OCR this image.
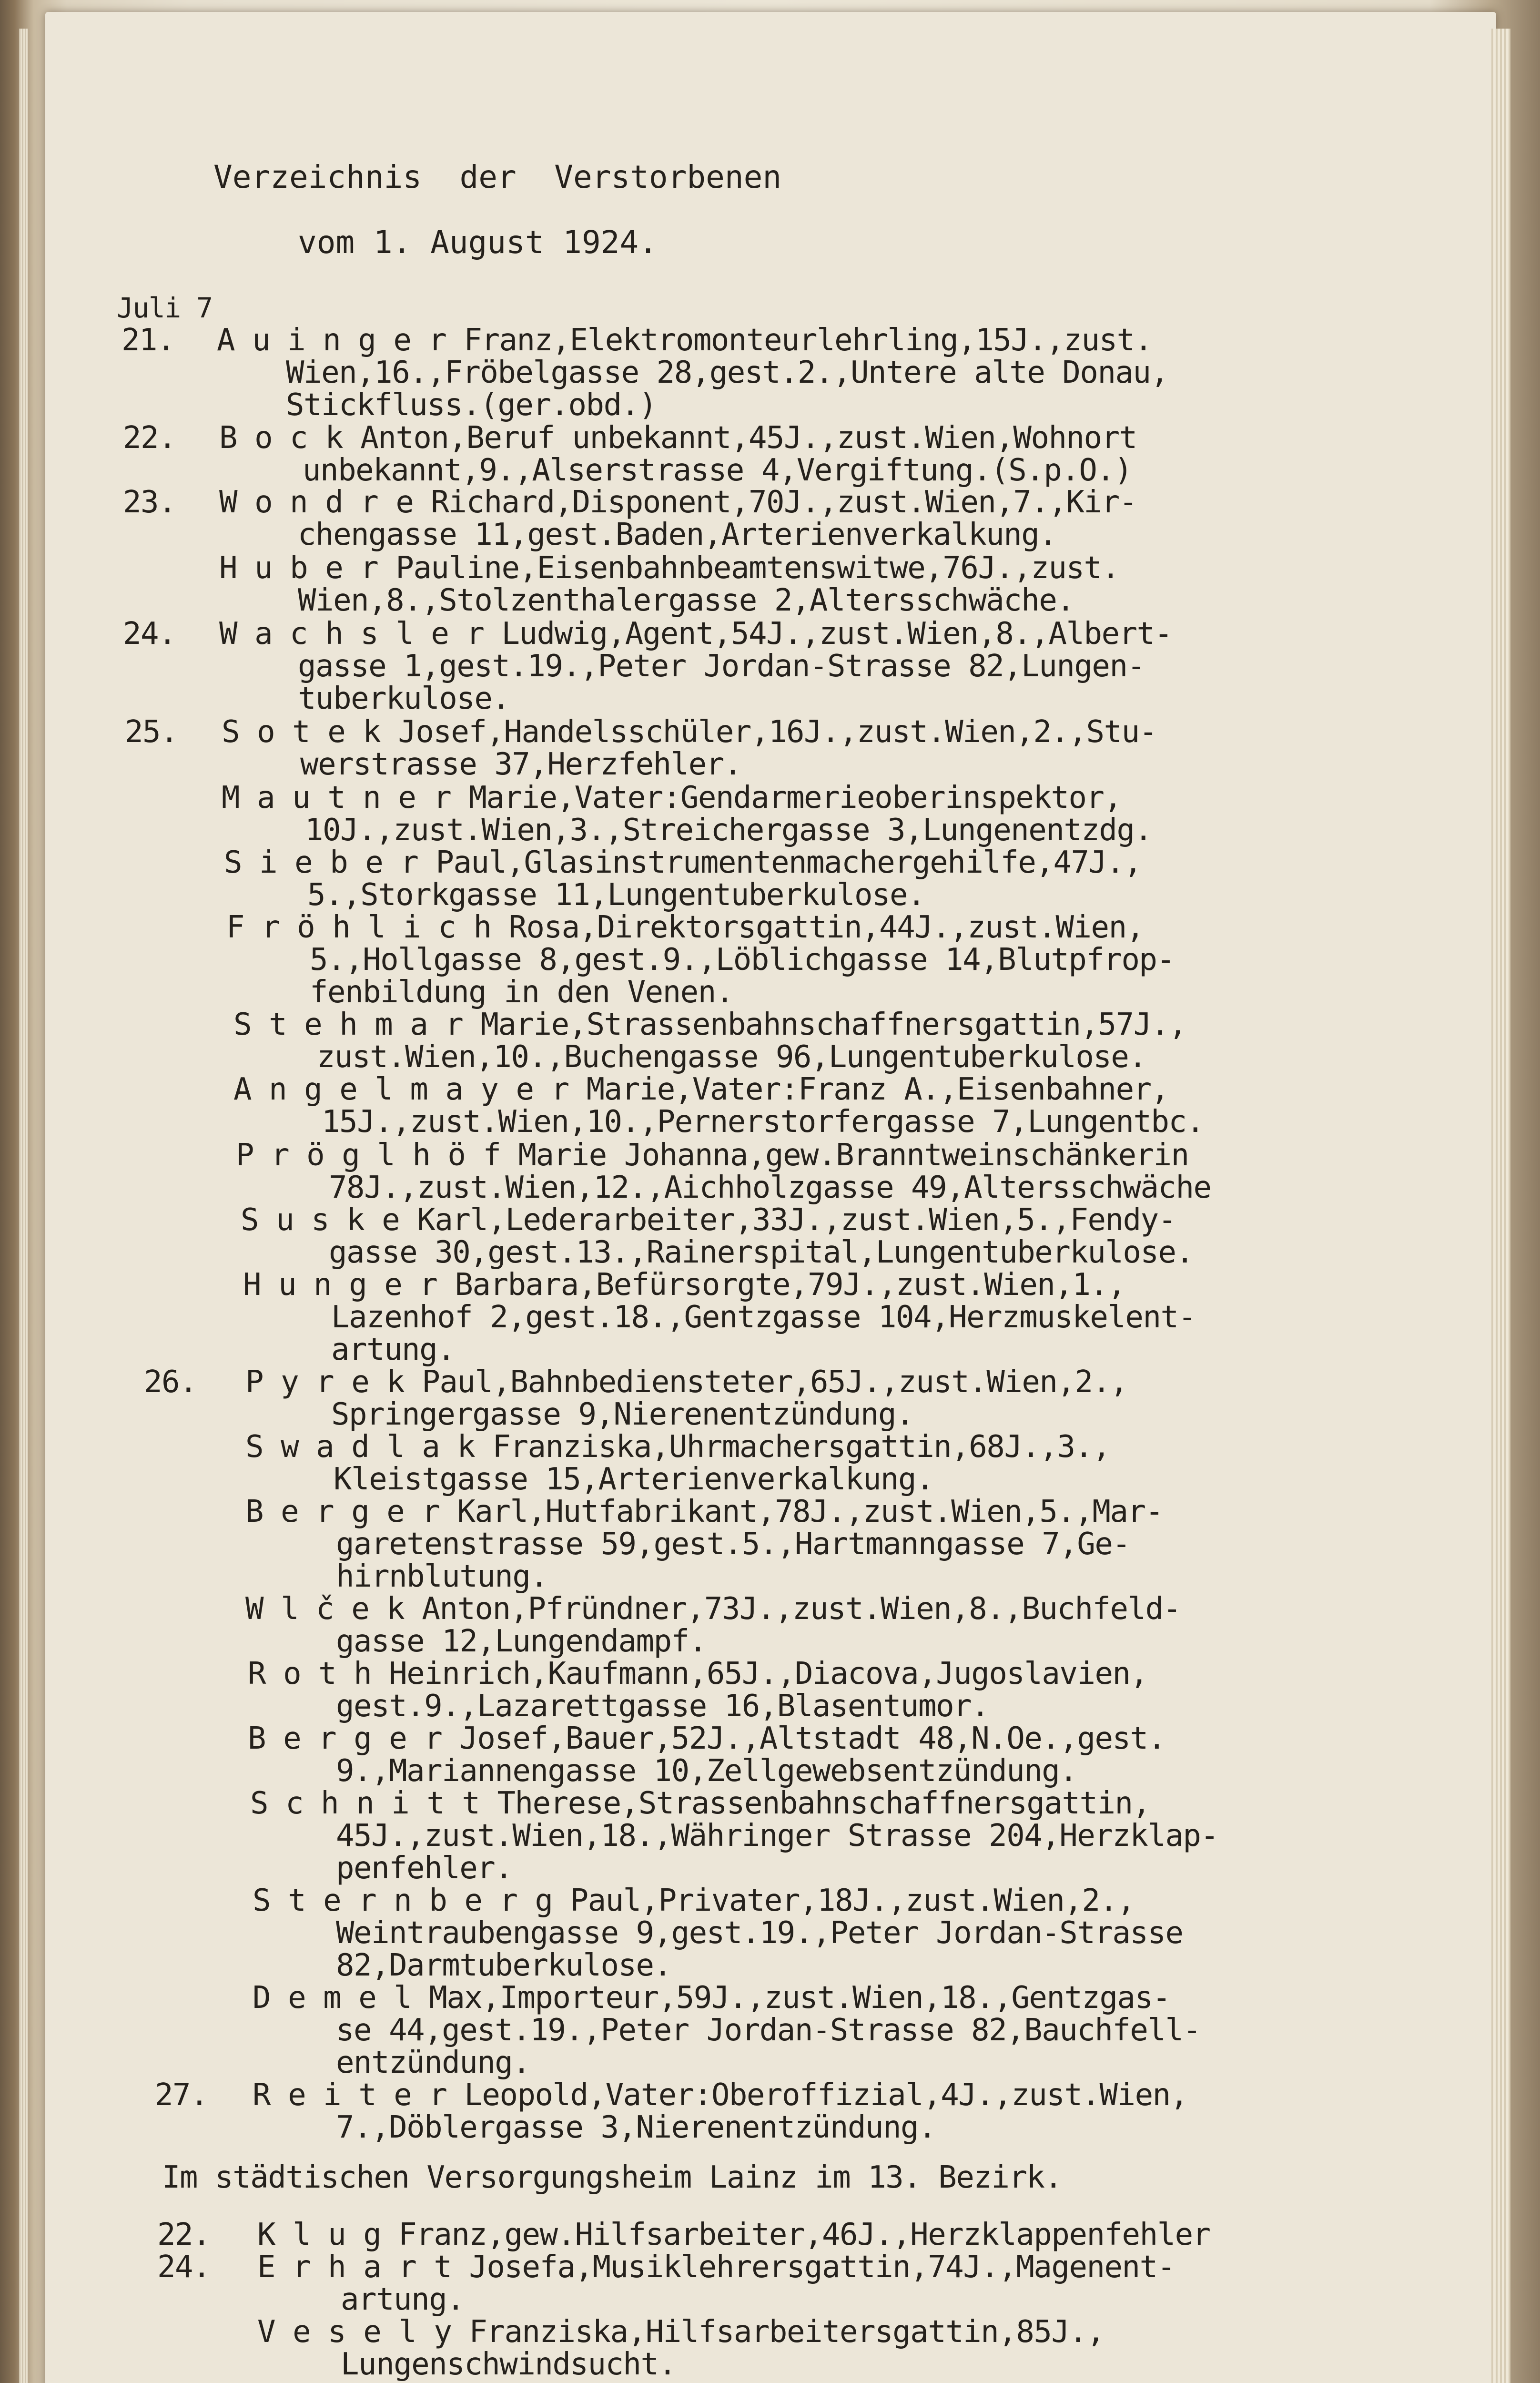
Verzeichnis  der  Verstorbenen
vom 1. August 1924.
Juli 7
21. A u i n g e r Franz,Elektromonteurlehrling,15J.,zust.
Wien,16.,Fröbelgasse 28,gest.2.,Untere alte Donau,
Stickfluss.(ger.obd.)
22. B o c k Anton,Beruf unbekannt,45J.,zust.Wien,Wohnort
unbekannt,9.,Alserstrasse 4,Vergiftung.(S.p.O.)
23. W o n d r e Richard,Disponent,70J.,zust.Wien,7.,Kir-
chengasse 11,gest.Baden,Arterienverkalkung.
H u b e r Pauline,Eisenbahnbeamtenswitwe,76J.,zust.
Wien,8.,Stolzenthalergasse 2,Altersschwäche.
24. W a c h s l e r Ludwig,Agent,54J.,zust.Wien,8.,Albert-
gasse 1,gest.19.,Peter Jordan-Strasse 82,Lungen-
tuberkulose.
25. S o t e k Josef,Handelsschüler,16J.,zust.Wien,2.,Stu-
werstrasse 37,Herzfehler.
M a u t n e r Marie,Vater:Gendarmerieoberinspektor,
10J.,zust.Wien,3.,Streichergasse 3,Lungenentzdg.
S i e b e r Paul,Glasinstrumentenmachergehilfe,47J.,
5.,Storkgasse 11,Lungentuberkulose.
F r ö h l i c h Rosa,Direktorsgattin,44J.,zust.Wien,
5.,Hollgasse 8,gest.9.,Löblichgasse 14,Blutpfrop-
fenbildung in den Venen.
S t e h m a r Marie,Strassenbahnschaffnersgattin,57J.,
zust.Wien,10.,Buchengasse 96,Lungentuberkulose.
A n g e l m a y e r Marie,Vater:Franz A.,Eisenbahner,
15J.,zust.Wien,10.,Pernerstorfergasse 7,Lungentbc.
P r ö g l h ö f Marie Johanna,gew.Branntweinschänkerin
78J.,zust.Wien,12.,Aichholzgasse 49,Altersschwäche
S u s k e Karl,Lederarbeiter,33J.,zust.Wien,5.,Fendy-
gasse 30,gest.13.,Rainerspital,Lungentuberkulose.
H u n g e r Barbara,Befürsorgte,79J.,zust.Wien,1.,
Lazenhof 2,gest.18.,Gentzgasse 104,Herzmuskelent-
artung.
26. P y r e k Paul,Bahnbediensteter,65J.,zust.Wien,2.,
Springergasse 9,Nierenentzündung.
S w a d l a k Franziska,Uhrmachersgattin,68J.,3.,
Kleistgasse 15,Arterienverkalkung.
B e r g e r Karl,Hutfabrikant,78J.,zust.Wien,5.,Mar-
garetenstrasse 59,gest.5.,Hartmanngasse 7,Ge-
hirnblutung.
W l č e k Anton,Pfründner,73J.,zust.Wien,8.,Buchfeld-
gasse 12,Lungendampf.
R o t h Heinrich,Kaufmann,65J.,Diacova,Jugoslavien,
gest.9.,Lazarettgasse 16,Blasentumor.
B e r g e r Josef,Bauer,52J.,Altstadt 48,N.Oe.,gest.
9.,Mariannengasse 10,Zellgewebsentzündung.
S c h n i t t Therese,Strassenbahnschaffnersgattin,
45J.,zust.Wien,18.,Währinger Strasse 204,Herzklap-
penfehler.
S t e r n b e r g Paul,Privater,18J.,zust.Wien,2.,
Weintraubengasse 9,gest.19.,Peter Jordan-Strasse
82,Darmtuberkulose.
D e m e l Max,Importeur,59J.,zust.Wien,18.,Gentzgas-
se 44,gest.19.,Peter Jordan-Strasse 82,Bauchfell-
entzündung.
27. R e i t e r Leopold,Vater:Oberoffizial,4J.,zust.Wien,
7.,Döblergasse 3,Nierenentzündung.
Im städtischen Versorgungsheim Lainz im 13. Bezirk.
22. K l u g Franz,gew.Hilfsarbeiter,46J.,Herzklappenfehler
24. E r h a r t Josefa,Musiklehrersgattin,74J.,Magenent-
artung.
V e s e l y Franziska,Hilfsarbeitersgattin,85J.,
Lungenschwindsucht.
